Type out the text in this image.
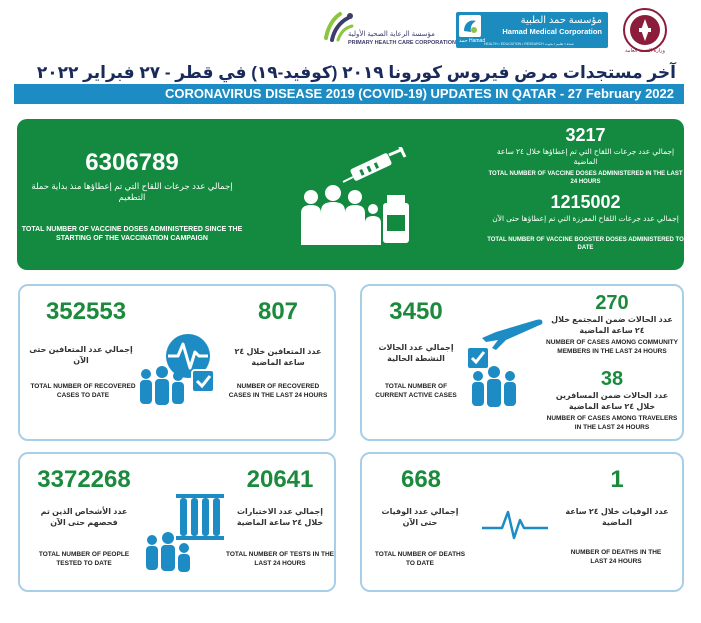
مؤسسة الرعاية الصحية الأولية
PRIMARY HEALTH CARE CORPORATION
مؤسسة حمد الطبية
Hamad Medical Corporation
حمد Hamad
HEALTH • EDUCATION • RESEARCH صحة • تعليم • بحوث
وزارة الصحة العامة
آخر مستجدات مرض فيروس كورونا ٢٠١٩ (كوفيد-١٩) في قطر - ٢٧ فبراير ٢٠٢٢
CORONAVIRUS DISEASE 2019 (COVID-19) UPDATES IN QATAR - 27 February 2022
6306789
إجمالي عدد جرعات اللقاح التي تم إعطاؤها منذ بداية حملة التطعيم
TOTAL NUMBER OF VACCINE DOSES ADMINISTERED SINCE THE STARTING OF THE VACCINATION CAMPAIGN
3217
إجمالي عدد جرعات اللقاح التي تم إعطاؤها خلال ٢٤ ساعة الماضية
TOTAL NUMBER OF VACCINE DOSES ADMINISTERED IN THE LAST 24 HOURS
1215002
إجمالي عدد جرعات اللقاح المعززة التي تم إعطاؤها حتى الآن
TOTAL NUMBER OF VACCINE BOOSTER DOSES ADMINISTERED TO DATE
352553
إجمالي عدد المتعافين حتى الآن
TOTAL NUMBER OF RECOVERED CASES TO DATE
807
عدد المتعافين خلال ٢٤ ساعة الماضية
NUMBER OF RECOVERED CASES IN THE LAST 24 HOURS
3450
إجمالي عدد الحالات النشطة الحالية
TOTAL NUMBER OF CURRENT ACTIVE CASES
270
عدد الحالات ضمن المجتمع خلال ٢٤ ساعة الماضية
NUMBER OF CASES AMONG COMMUNITY MEMBERS IN THE LAST 24 HOURS
38
عدد الحالات ضمن المسافرين خلال ٢٤ ساعة الماضية
NUMBER OF CASES AMONG TRAVELERS IN THE LAST 24 HOURS
3372268
عدد الأشخاص الذين تم فحصهم حتى الآن
TOTAL NUMBER OF PEOPLE TESTED TO DATE
20641
إجمالي عدد الاختبارات خلال ٢٤ ساعة الماضية
TOTAL NUMBER OF TESTS IN THE LAST 24 HOURS
668
إجمالي عدد الوفيات حتى الآن
TOTAL NUMBER OF DEATHS TO DATE
1
عدد الوفيات خلال ٢٤ ساعة الماضية
NUMBER OF DEATHS IN THE LAST 24 HOURS
